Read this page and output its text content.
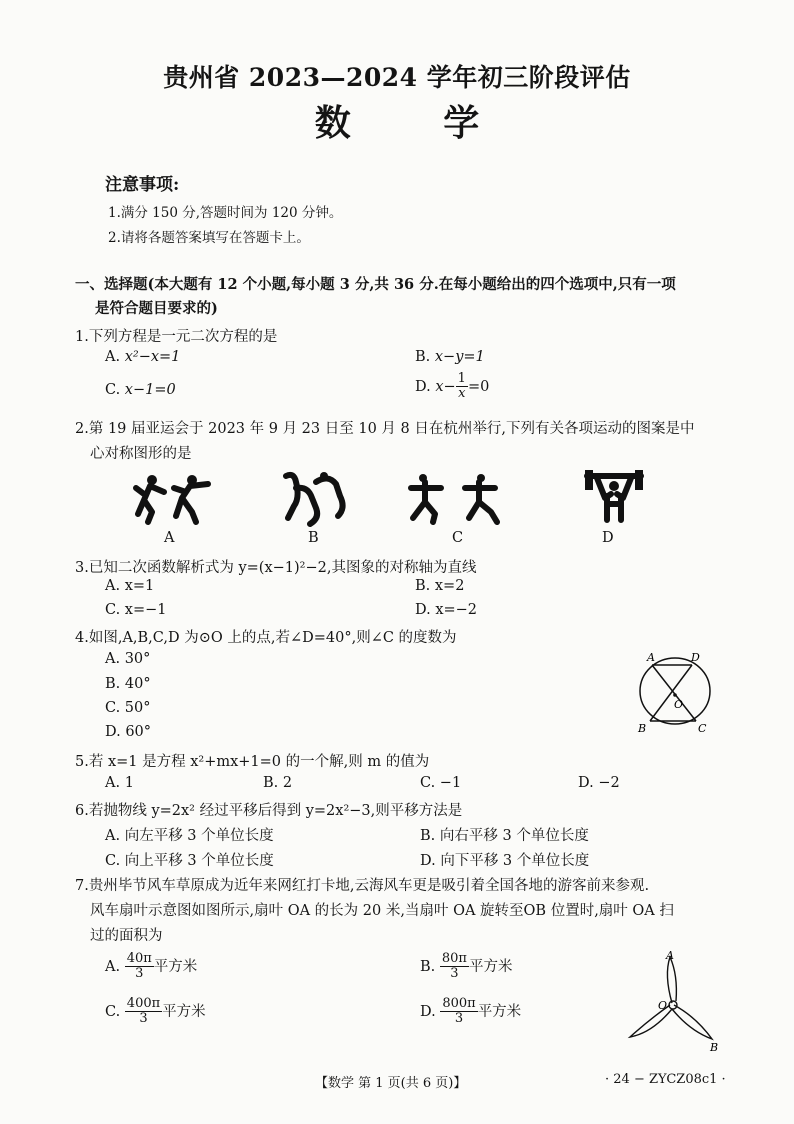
贵州省 2023—2024 学年初三阶段评估
数 学
注意事项:
1.满分 150 分,答题时间为 120 分钟。
2.请将各题答案填写在答题卡上。
一、选择题(本大题有 12 个小题,每小题 3 分,共 36 分.在每小题给出的四个选项中,只有一项
是符合题目要求的)
1.下列方程是一元二次方程的是
A. x²−x=1	B. x−y=1
C. x−1=0	D. $x- \frac{1}{x} =0$
2.第 19 届亚运会于 2023 年 9 月 23 日至 10 月 8 日在杭州举行,下列有关各项运动的图案是中
心对称图形的是
A	B	C	D
3.已知二次函数解析式为 y=(x−1)²−2,其图象的对称轴为直线
A. x=1	B. x=2
C. x=−1	D. x=−2
4.如图,A,B,C,D 为⊙O 上的点,若∠D=40°,则∠C 的度数为
A. 30°
B. 40°
C. 50°
D. 60°
A	D
O
B	C
5.若 x=1 是方程 x²+mx+1=0 的一个解,则 m 的值为
A. 1	B. 2	C. −1	D. −2
6.若抛物线 y=2x² 经过平移后得到 y=2x²−3,则平移方法是
A. 向左平移 3 个单位长度	B. 向右平移 3 个单位长度
C. 向上平移 3 个单位长度	D. 向下平移 3 个单位长度
7.贵州毕节风车草原成为近年来网红打卡地,云海风车更是吸引着全国各地的游客前来参观.
风车扇叶示意图如图所示,扇叶 OA 的长为 20 米,当扇叶 OA 旋转至OB 位置时,扇叶 OA 扫
过的面积为
A. $\frac{40\pi}{3}$ 平方米	B. $\frac{80\pi}{3}$ 平方米
C. $\frac{400\pi}{3}$ 平方米	D. $\frac{800\pi}{3}$ 平方米
A
O
B
【数学 第 1 页(共 6 页)】	· 24 − ZYCZ08c1 ·
